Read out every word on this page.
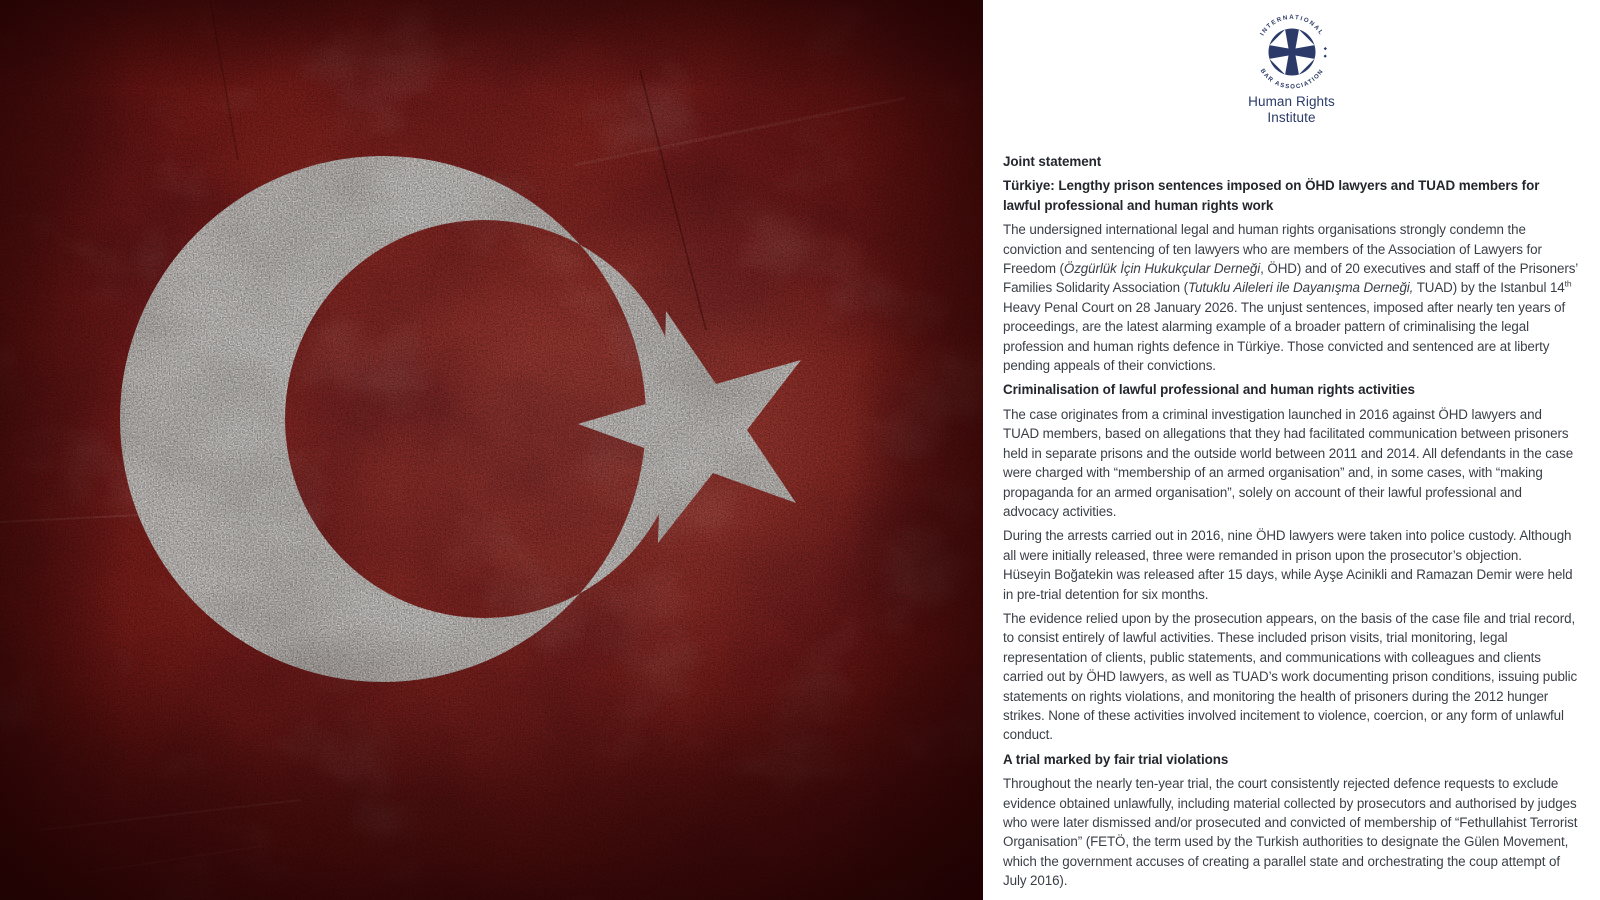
INTERNATIONAL
BAR ASSOCIATION
Human Rights
Institute

Joint statement

Türkiye: Lengthy prison sentences imposed on ÖHD lawyers and TUAD members for lawful professional and human rights work

The undersigned international legal and human rights organisations strongly condemn the conviction and sentencing of ten lawyers who are members of the Association of Lawyers for Freedom (Özgürlük İçin Hukukçular Derneği, ÖHD) and of 20 executives and staff of the Prisoners’ Families Solidarity Association (Tutuklu Aileleri ile Dayanışma Derneği, TUAD) by the Istanbul 14th Heavy Penal Court on 28 January 2026. The unjust sentences, imposed after nearly ten years of proceedings, are the latest alarming example of a broader pattern of criminalising the legal profession and human rights defence in Türkiye. Those convicted and sentenced are at liberty pending appeals of their convictions.

Criminalisation of lawful professional and human rights activities

The case originates from a criminal investigation launched in 2016 against ÖHD lawyers and TUAD members, based on allegations that they had facilitated communication between prisoners held in separate prisons and the outside world between 2011 and 2014. All defendants in the case were charged with “membership of an armed organisation” and, in some cases, with “making propaganda for an armed organisation”, solely on account of their lawful professional and advocacy activities.

During the arrests carried out in 2016, nine ÖHD lawyers were taken into police custody. Although all were initially released, three were remanded in prison upon the prosecutor’s objection.
Hüseyin Boğatekin was released after 15 days, while Ayşe Acinikli and Ramazan Demir were held in pre-trial detention for six months.

The evidence relied upon by the prosecution appears, on the basis of the case file and trial record, to consist entirely of lawful activities. These included prison visits, trial monitoring, legal representation of clients, public statements, and communications with colleagues and clients carried out by ÖHD lawyers, as well as TUAD’s work documenting prison conditions, issuing public statements on rights violations, and monitoring the health of prisoners during the 2012 hunger strikes. None of these activities involved incitement to violence, coercion, or any form of unlawful conduct.

A trial marked by fair trial violations

Throughout the nearly ten-year trial, the court consistently rejected defence requests to exclude evidence obtained unlawfully, including material collected by prosecutors and authorised by judges who were later dismissed and/or prosecuted and convicted of membership of “Fethullahist Terrorist Organisation” (FETÖ, the term used by the Turkish authorities to designate the Gülen Movement, which the government accuses of creating a parallel state and orchestrating the coup attempt of July 2016).
